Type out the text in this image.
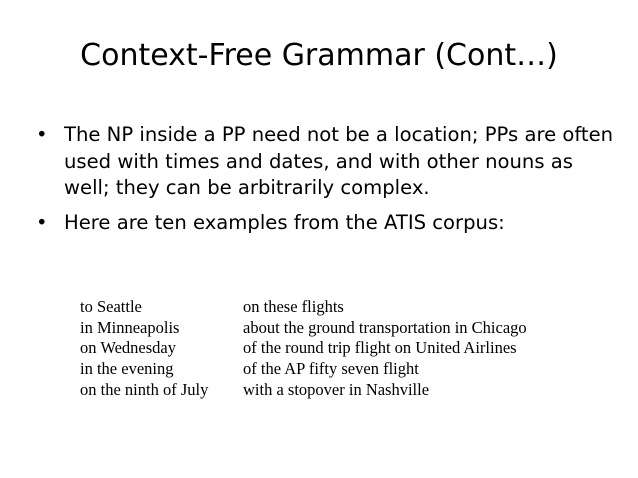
Context-Free Grammar (Cont…)
• The NP inside a PP need not be a location; PPs are often used with times and dates, and with other nouns as well; they can be arbitrarily complex.
• Here are ten examples from the ATIS corpus:
to Seattle	on these flights
in Minneapolis	about the ground transportation in Chicago
on Wednesday	of the round trip flight on United Airlines
in the evening	of the AP fifty seven flight
on the ninth of July	with a stopover in Nashville
